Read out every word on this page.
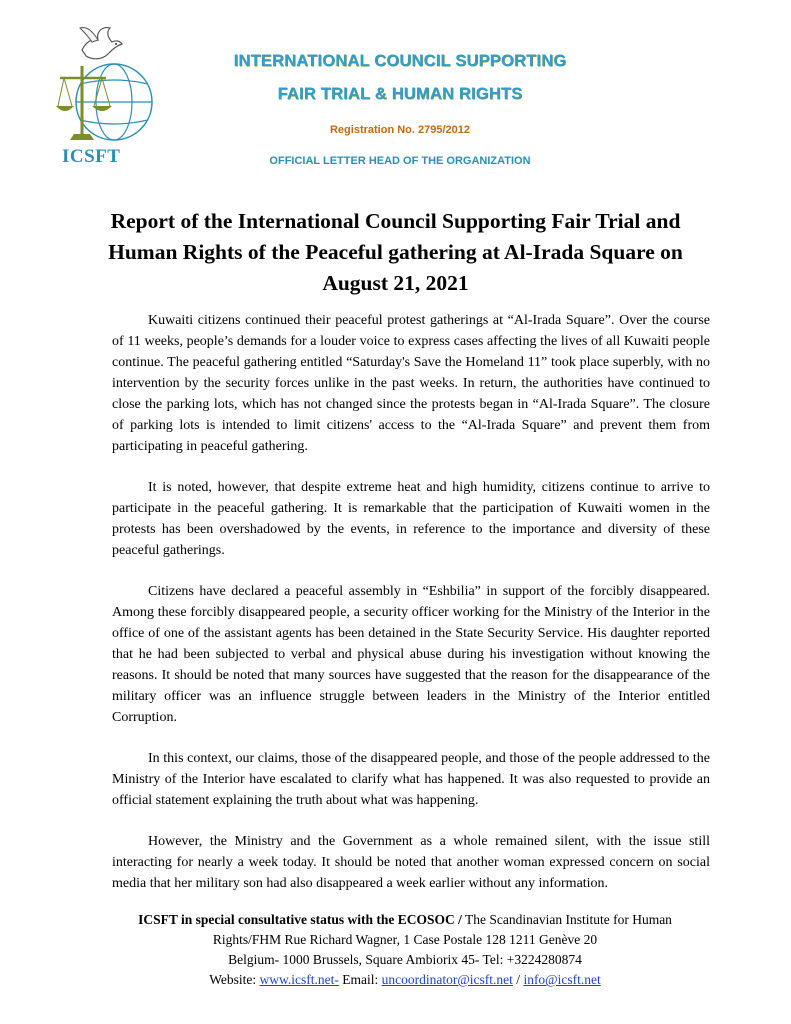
ICSFT
INTERNATIONAL COUNCIL SUPPORTING
FAIR TRIAL & HUMAN RIGHTS
Registration No. 2795/2012
OFFICIAL LETTER HEAD OF THE ORGANIZATION
Report of the International Council Supporting Fair Trial and
Human Rights of the Peaceful gathering at Al-Irada Square on
August 21, 2021

Kuwaiti citizens continued their peaceful protest gatherings at “Al-Irada Square”. Over the course of 11 weeks, people’s demands for a louder voice to express cases affecting the lives of all Kuwaiti people continue. The peaceful gathering entitled “Saturday's Save the Homeland 11” took place superbly, with no intervention by the security forces unlike in the past weeks. In return, the authorities have continued to close the parking lots, which has not changed since the protests began in “Al-Irada Square”. The closure of parking lots is intended to limit citizens' access to the “Al-Irada Square” and prevent them from participating in peaceful gathering.

It is noted, however, that despite extreme heat and high humidity, citizens continue to arrive to participate in the peaceful gathering. It is remarkable that the participation of Kuwaiti women in the protests has been overshadowed by the events, in reference to the importance and diversity of these peaceful gatherings.

Citizens have declared a peaceful assembly in “Eshbilia” in support of the forcibly disappeared. Among these forcibly disappeared people, a security officer working for the Ministry of the Interior in the office of one of the assistant agents has been detained in the State Security Service. His daughter reported that he had been subjected to verbal and physical abuse during his investigation without knowing the reasons. It should be noted that many sources have suggested that the reason for the disappearance of the military officer was an influence struggle between leaders in the Ministry of the Interior entitled Corruption.

In this context, our claims, those of the disappeared people, and those of the people addressed to the Ministry of the Interior have escalated to clarify what has happened. It was also requested to provide an official statement explaining the truth about what was happening.

However, the Ministry and the Government as a whole remained silent, with the issue still interacting for nearly a week today. It should be noted that another woman expressed concern on social media that her military son had also disappeared a week earlier without any information.

ICSFT in special consultative status with the ECOSOC / The Scandinavian Institute for Human
Rights/FHM Rue Richard Wagner, 1 Case Postale 128 1211 Genève 20
Belgium- 1000 Brussels, Square Ambiorix 45- Tel: +3224280874
Website: www.icsft.net- Email: uncoordinator@icsft.net / info@icsft.net
